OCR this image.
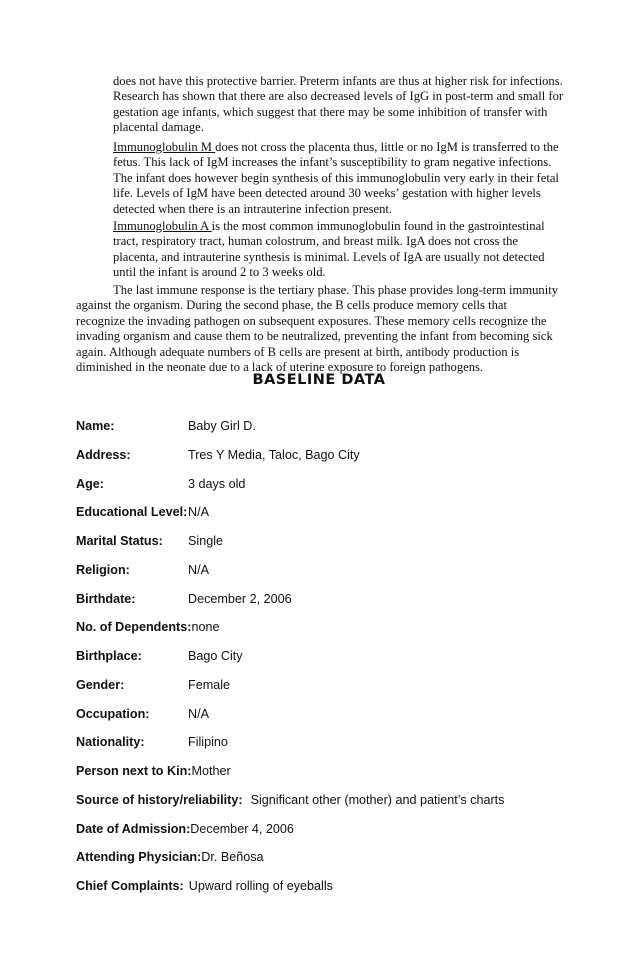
does not have this protective barrier. Preterm infants are thus at higher risk for infections. Research has shown that there are also decreased levels of IgG in post-term and small for gestation age infants, which suggest that there may be some inhibition of transfer with placental damage.

Immunoglobulin M does not cross the placenta thus, little or no IgM is transferred to the fetus. This lack of IgM increases the infant’s susceptibility to gram negative infections. The infant does however begin synthesis of this immunoglobulin very early in their fetal life. Levels of IgM have been detected around 30 weeks’ gestation with higher levels detected when there is an intrauterine infection present.

Immunoglobulin A is the most common immunoglobulin found in the gastrointestinal tract, respiratory tract, human colostrum, and breast milk. IgA does not cross the placenta, and intrauterine synthesis is minimal. Levels of IgA are usually not detected until the infant is around 2 to 3 weeks old.

The last immune response is the tertiary phase. This phase provides long-term immunity against the organism. During the second phase, the B cells produce memory cells that recognize the invading pathogen on subsequent exposures. These memory cells recognize the invading organism and cause them to be neutralized, preventing the infant from becoming sick again. Although adequate numbers of B cells are present at birth, antibody production is diminished in the neonate due to a lack of uterine exposure to foreign pathogens.

BASELINE DATA
Name:	Baby Girl D.
Address:	Tres Y Media, Taloc, Bago City
Age:	3 days old
Educational Level:N/A
Marital Status: Single
Religion:	N/A
Birthdate:	December 2, 2006
No. of Dependents:none
Birthplace:	Bago City
Gender:	Female
Occupation:	N/A
Nationality:	Filipino
Person next to Kin:Mother
Source of history/reliability: Significant other (mother) and patient’s charts
Date of Admission:December 4, 2006
Attending Physician:Dr. Beñosa
Chief Complaints: Upward rolling of eyeballs
